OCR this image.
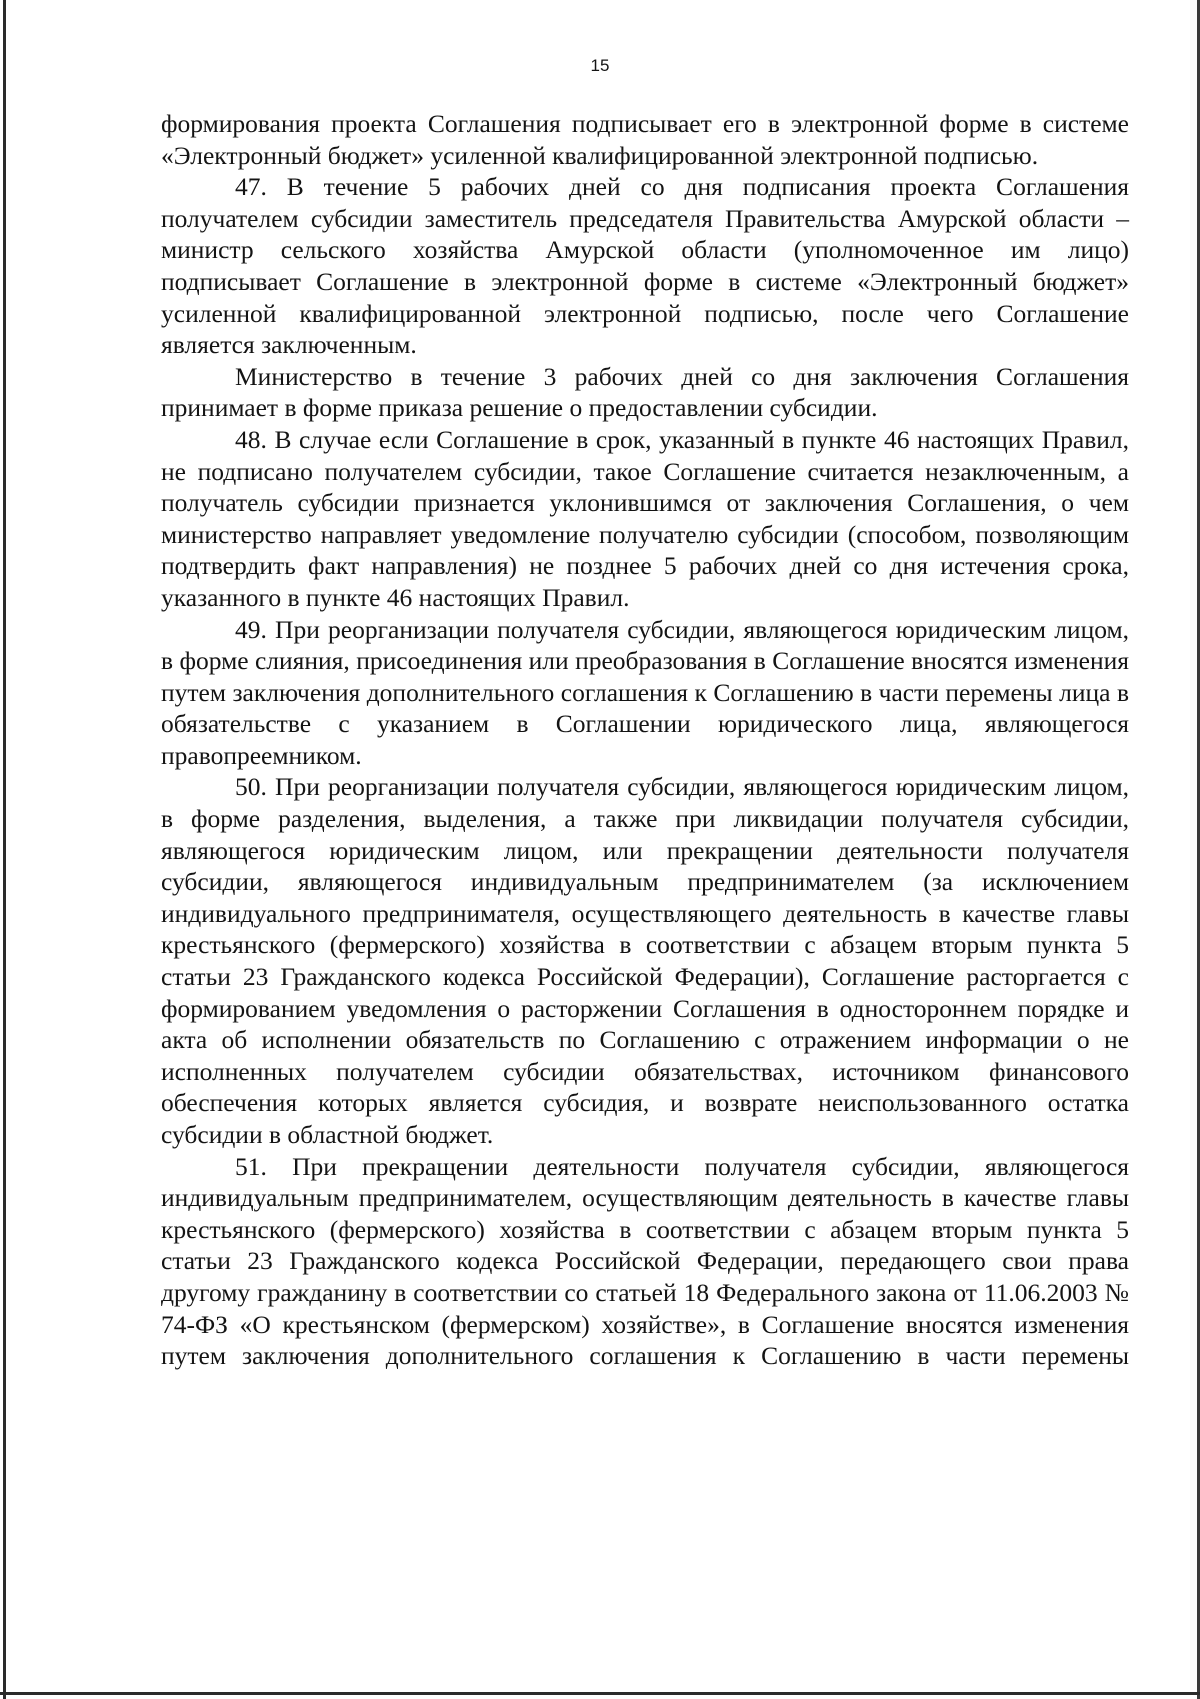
15

формирования проекта Соглашения подписывает его в электронной форме в системе «Электронный бюджет» усиленной квалифицированной электронной подписью.

47. В течение 5 рабочих дней со дня подписания проекта Соглашения получателем субсидии заместитель председателя Правительства Амурской области – министр сельского хозяйства Амурской области (уполномоченное им лицо) подписывает Соглашение в электронной форме в системе «Электронный бюджет» усиленной квалифицированной электронной подписью, после чего Соглашение является заключенным.

Министерство в течение 3 рабочих дней со дня заключения Соглашения принимает в форме приказа решение о предоставлении субсидии.

48. В случае если Соглашение в срок, указанный в пункте 46 настоящих Правил, не подписано получателем субсидии, такое Соглашение считается незаключенным, а получатель субсидии признается уклонившимся от заключения Соглашения, о чем министерство направляет уведомление получателю субсидии (способом, позволяющим подтвердить факт направления) не позднее 5 рабочих дней со дня истечения срока, указанного в пункте 46 настоящих Правил.

49. При реорганизации получателя субсидии, являющегося юридическим лицом, в форме слияния, присоединения или преобразования в Соглашение вносятся изменения путем заключения дополнительного соглашения к Соглашению в части перемены лица в обязательстве с указанием в Соглашении юридического лица, являющегося правопреемником.

50. При реорганизации получателя субсидии, являющегося юридическим лицом, в форме разделения, выделения, а также при ликвидации получателя субсидии, являющегося юридическим лицом, или прекращении деятельности получателя субсидии, являющегося индивидуальным предпринимателем (за исключением индивидуального предпринимателя, осуществляющего деятельность в качестве главы крестьянского (фермерского) хозяйства в соответствии с абзацем вторым пункта 5 статьи 23 Гражданского кодекса Российской Федерации), Соглашение расторгается с формированием уведомления о расторжении Соглашения в одностороннем порядке и акта об исполнении обязательств по Соглашению с отражением информации о не исполненных получателем субсидии обязательствах, источником финансового обеспечения которых является субсидия, и возврате неиспользованного остатка субсидии в областной бюджет.

51. При прекращении деятельности получателя субсидии, являющегося индивидуальным предпринимателем, осуществляющим деятельность в качестве главы крестьянского (фермерского) хозяйства в соответствии с абзацем вторым пункта 5 статьи 23 Гражданского кодекса Российской Федерации, передающего свои права другому гражданину в соответствии со статьей 18 Федерального закона от 11.06.2003 № 74-ФЗ «О крестьянском (фермерском) хозяйстве», в Соглашение вносятся изменения путем заключения дополнительного соглашения к Соглашению в части перемены
